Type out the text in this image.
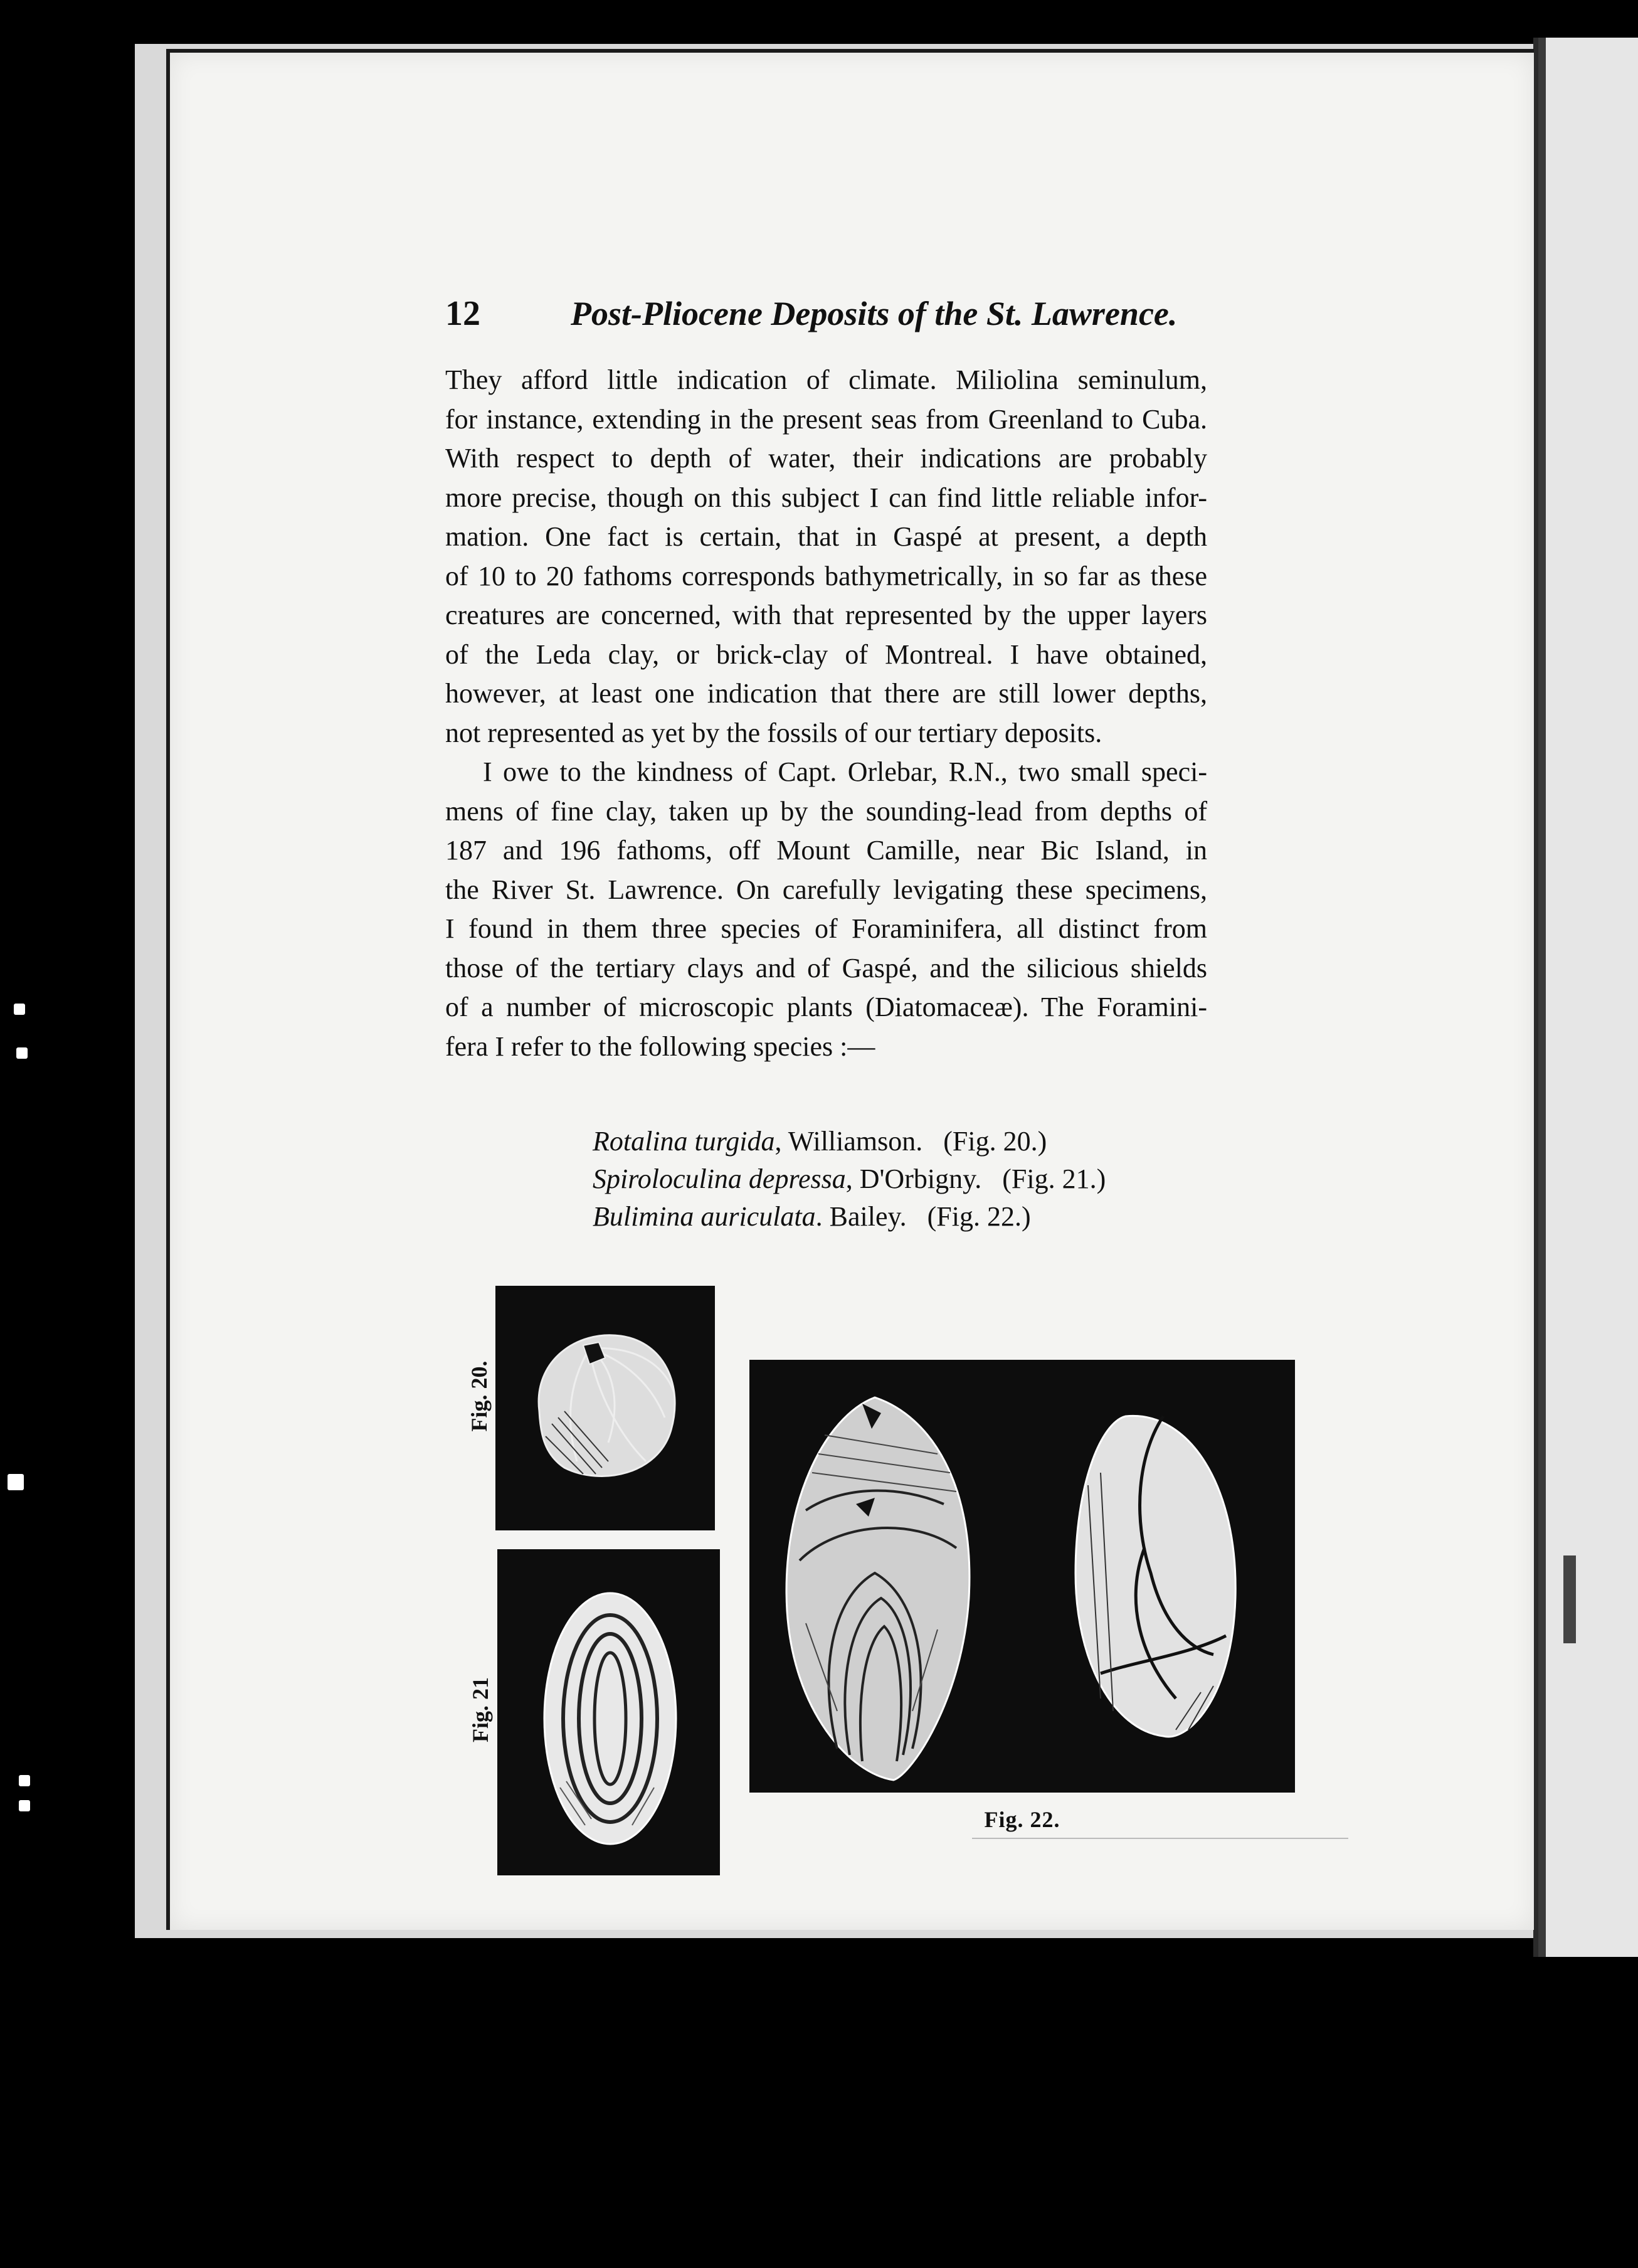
12	Post-Pliocene Deposits of the St. Lawrence.
They afford little indication of climate. Miliolina seminulum,
for instance, extending in the present seas from Greenland to Cuba.
With respect to depth of water, their indications are probably
more precise, though on this subject I can find little reliable infor-
mation. One fact is certain, that in Gaspé at present, a depth
of 10 to 20 fathoms corresponds bathymetrically, in so far as these
creatures are concerned, with that represented by the upper layers
of the Leda clay, or brick-clay of Montreal. I have obtained,
however, at least one indication that there are still lower depths,
not represented as yet by the fossils of our tertiary deposits.
I owe to the kindness of Capt. Orlebar, R.N., two small speci-
mens of fine clay, taken up by the sounding-lead from depths of
187 and 196 fathoms, off Mount Camille, near Bic Island, in
the River St. Lawrence. On carefully levigating these specimens,
I found in them three species of Foraminifera, all distinct from
those of the tertiary clays and of Gaspé, and the silicious shields
of a number of microscopic plants (Diatomaceæ). The Foramini-
fera I refer to the following species :—
Rotalina turgida, Williamson. (Fig. 20.)
Spiroloculina depressa, D'Orbigny. (Fig. 21.)
Bulimina auriculata. Bailey. (Fig. 22.)
Fig. 20.
Fig. 21
Fig. 22.
